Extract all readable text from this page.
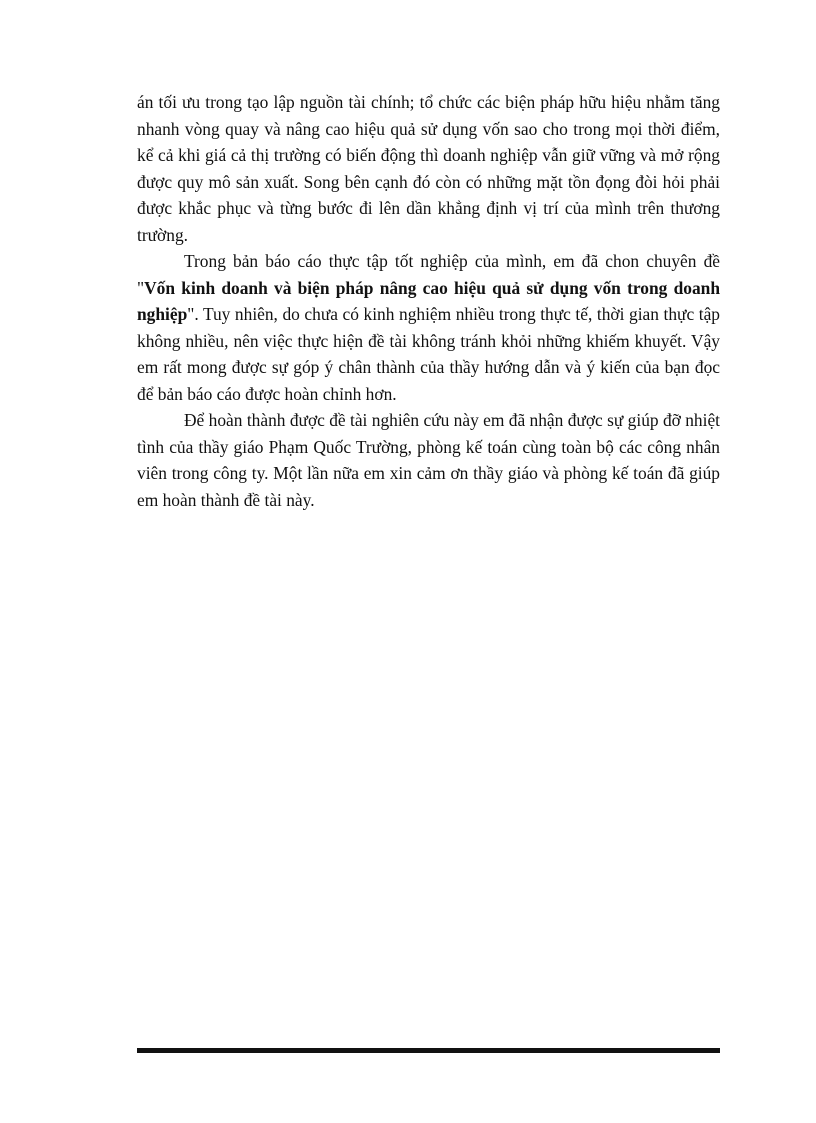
án tối ưu trong tạo lập nguồn tài chính; tổ chức các biện pháp hữu hiệu nhằm tăng nhanh vòng quay và nâng cao hiệu quả sử dụng vốn sao cho trong mọi thời điểm, kể cả khi giá cả thị trường có biến động thì doanh nghiệp vẫn giữ vững và mở rộng được quy mô sản xuất. Song bên cạnh đó còn có những mặt tồn đọng đòi hỏi phải được khắc phục và từng bước đi lên dần khẳng định vị trí của mình trên thương trường.

Trong bản báo cáo thực tập tốt nghiệp của mình, em đã chon chuyên đề "Vốn kinh doanh và biện pháp nâng cao hiệu quả sử dụng vốn trong doanh nghiệp". Tuy nhiên, do chưa có kinh nghiệm nhiều trong thực tế, thời gian thực tập không nhiều, nên việc thực hiện đề tài không tránh khỏi những khiếm khuyết. Vậy em rất mong được sự góp ý chân thành của thầy hướng dẫn và ý kiến của bạn đọc để bản báo cáo được hoàn chỉnh hơn.

Để hoàn thành được đề tài nghiên cứu này em đã nhận được sự giúp đỡ nhiệt tình của thầy giáo Phạm Quốc Trường, phòng kế toán cùng toàn bộ các công nhân viên trong công ty. Một lần nữa em xin cảm ơn thầy giáo và phòng kế toán đã giúp em hoàn thành đề tài này.
